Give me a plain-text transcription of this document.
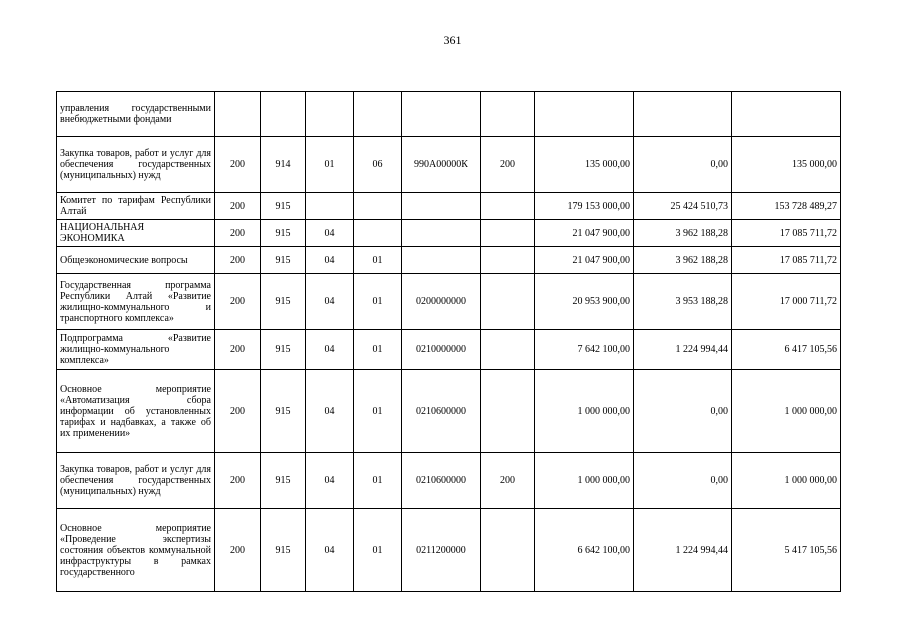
361
управления государственными внебюджетными фондами									
Закупка товаров, работ и услуг для обеспечения государственных (муниципальных) нужд	200	914	01	06	990А00000К	200	135 000,00	0,00	135 000,00
Комитет по тарифам Республики Алтай	200	915					179 153 000,00	25 424 510,73	153 728 489,27
НАЦИОНАЛЬНАЯ ЭКОНОМИКА	200	915	04				21 047 900,00	3 962 188,28	17 085 711,72
Общеэкономические вопросы	200	915	04	01			21 047 900,00	3 962 188,28	17 085 711,72
Государственная программа Республики Алтай «Развитие жилищно-коммунального и транспортного комплекса»	200	915	04	01	0200000000		20 953 900,00	3 953 188,28	17 000 711,72
Подпрограмма «Развитие жилищно-коммунального комплекса»	200	915	04	01	0210000000		7 642 100,00	1 224 994,44	6 417 105,56
Основное мероприятие «Автоматизация сбора информации об установленных тарифах и надбавках, а также об их применении»	200	915	04	01	0210600000		1 000 000,00	0,00	1 000 000,00
Закупка товаров, работ и услуг для обеспечения государственных (муниципальных) нужд	200	915	04	01	0210600000	200	1 000 000,00	0,00	1 000 000,00
Основное мероприятие «Проведение экспертизы состояния объектов коммунальной инфраструктуры в рамках государственного	200	915	04	01	0211200000		6 642 100,00	1 224 994,44	5 417 105,56
